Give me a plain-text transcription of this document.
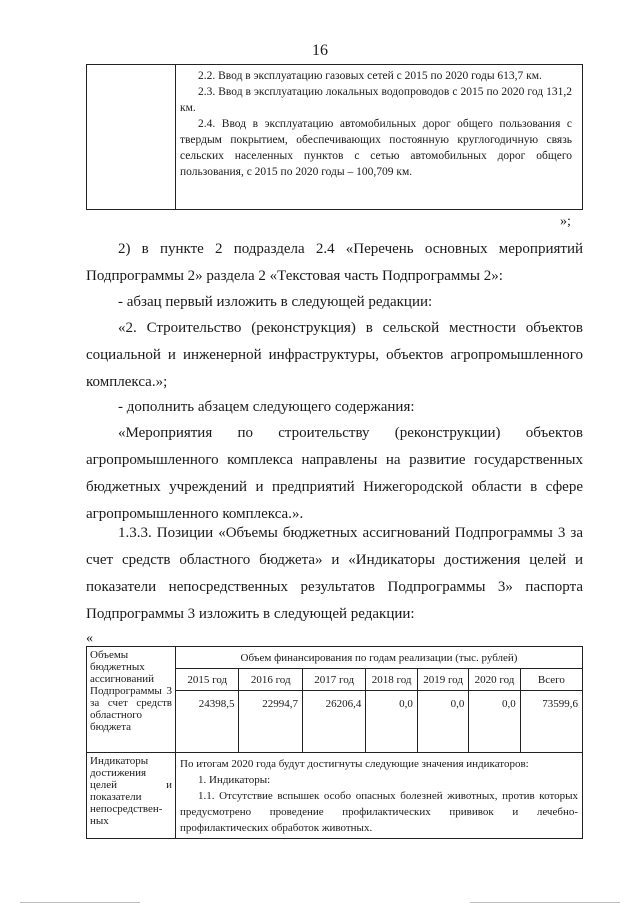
16

2.2. Ввод в эксплуатацию газовых сетей с 2015 по 2020 годы 613,7 км.

2.3. Ввод в эксплуатацию локальных водопроводов с 2015 по 2020 год 131,2 км.

2.4. Ввод в эксплуатацию автомобильных дорог общего пользования с твердым покрытием, обеспечивающих постоянную круглогодичную связь сельских населенных пунктов с сетью автомобильных дорог общего пользования, с 2015 по 2020 годы – 100,709 км.

»;

2) в пункте 2 подраздела 2.4 «Перечень основных мероприятий Подпрограммы 2» раздела 2 «Текстовая часть Подпрограммы 2»:

- абзац первый изложить в следующей редакции:

«2. Строительство (реконструкция) в сельской местности объектов социальной и инженерной инфраструктуры, объектов агропромышленного комплекса.»;

- дополнить абзацем следующего содержания:

«Мероприятия по строительству (реконструкции) объектов агропромышленного комплекса направлены на развитие государственных бюджетных учреждений и предприятий Нижегородской области в сфере агропромышленного комплекса.».

1.3.3. Позиции «Объемы бюджетных ассигнований Подпрограммы 3 за счет средств областного бюджета» и «Индикаторы достижения целей и показатели непосредственных результатов Подпрограммы 3» паспорта Подпрограммы 3 изложить в следующей редакции:

«
Объемы бюджетных ассигнований Подпрограммы 3 за счет средств областного бюджета	Объем финансирования по годам реализации (тыс. рублей)						
	2015 год	2016 год	2017 год	2018 год	2019 год	2020 год	Всего
	24398,5	22994,7	26206,4	0,0	0,0	0,0	73599,6
Индикаторы достижения целей и показатели непосредствен-ных	По итогам 2020 года будут достигнуты следующие значения индикаторов:

1. Индикаторы:

1.1. Отсутствие вспышек особо опасных болезней животных, против которых предусмотрено проведение профилактических прививок и лечебно-профилактических обработок животных.						
